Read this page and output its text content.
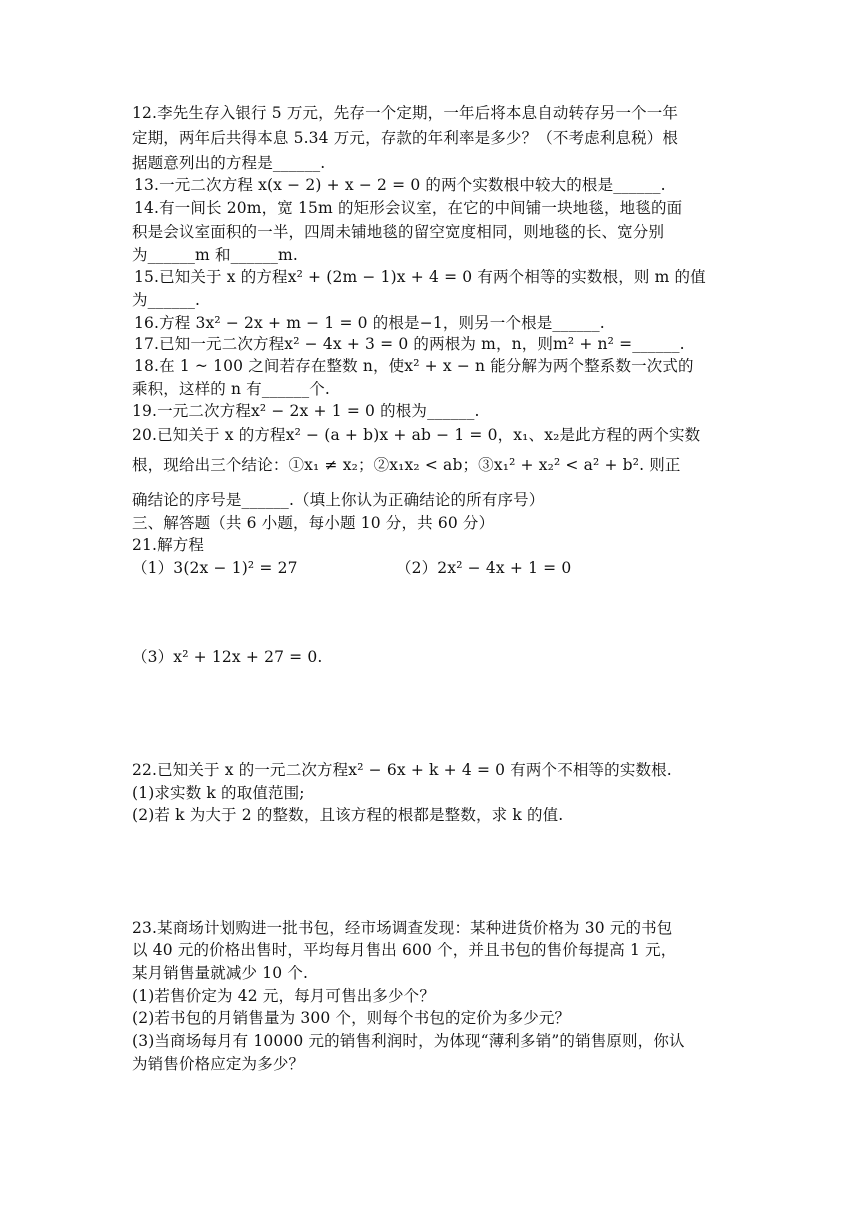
12.李先生存入银行 5 万元，先存一个定期，一年后将本息自动转存另一个一年
定期，两年后共得本息 5.34 万元，存款的年利率是多少？（不考虑利息税）根
据题意列出的方程是______.
13.一元二次方程 x(x − 2) + x − 2 = 0 的两个实数根中较大的根是______.
14.有一间长 20m，宽 15m 的矩形会议室，在它的中间铺一块地毯，地毯的面
积是会议室面积的一半，四周未铺地毯的留空宽度相同，则地毯的长、宽分别
为______m 和______m.
15.已知关于 x 的方程x² + (2m − 1)x + 4 = 0 有两个相等的实数根，则 m 的值
为______.
16.方程 3x² − 2x + m − 1 = 0 的根是−1，则另一个根是______.
17.已知一元二次方程x² − 4x + 3 = 0 的两根为 m，n，则m² + n² =______.
18.在 1 ~ 100 之间若存在整数 n，使x² + x − n 能分解为两个整系数一次式的
乘积，这样的 n 有______个.
19.一元二次方程x² − 2x + 1 = 0 的根为______.
20.已知关于 x 的方程x² − (a + b)x + ab − 1 = 0，x₁、x₂是此方程的两个实数
根，现给出三个结论：①x₁ ≠ x₂；②x₁x₂ < ab；③x₁² + x₂² < a² + b². 则正
确结论的序号是______.（填上你认为正确结论的所有序号）
三、解答题（共 6 小题，每小题 10 分，共 60 分）
21.解方程
（1）3(2x − 1)² = 27	（2）2x² − 4x + 1 = 0
（3）x² + 12x + 27 = 0.
22.已知关于 x 的一元二次方程x² − 6x + k + 4 = 0 有两个不相等的实数根.
(1)求实数 k 的取值范围;
(2)若 k 为大于 2 的整数，且该方程的根都是整数，求 k 的值.
23.某商场计划购进一批书包，经市场调查发现：某种进货价格为 30 元的书包
以 40 元的价格出售时，平均每月售出 600 个，并且书包的售价每提高 1 元，
某月销售量就减少 10 个.
(1)若售价定为 42 元，每月可售出多少个？
(2)若书包的月销售量为 300 个，则每个书包的定价为多少元？
(3)当商场每月有 10000 元的销售利润时，为体现“薄利多销”的销售原则，你认
为销售价格应定为多少？
